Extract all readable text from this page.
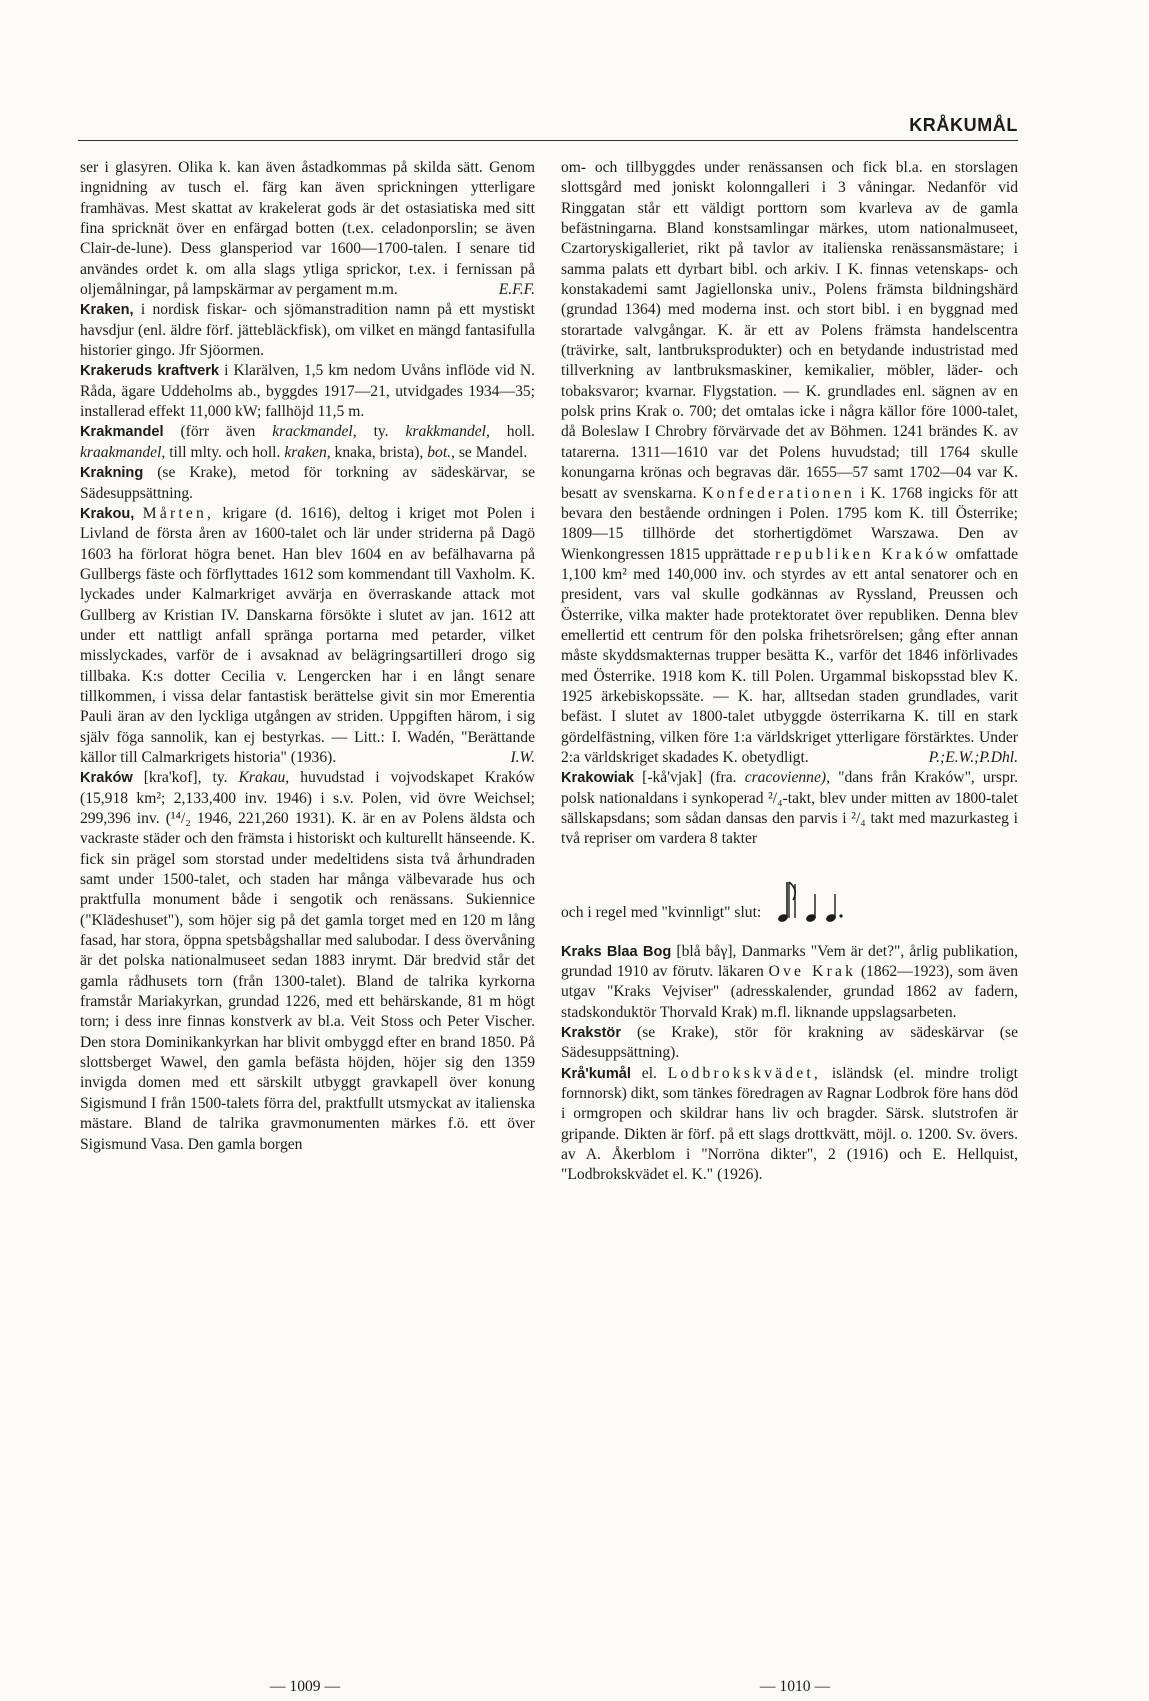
KRÅKUMÅL

ser i glasyren. Olika k. kan även åstadkommas på skilda sätt. Genom ingnidning av tusch el. färg kan även sprickningen ytterligare framhävas. Mest skattat av krakelerat gods är det ostasiatiska med sitt fina spricknät över en enfärgad botten (t.ex. celadonporslin; se även Clair-de-lune). Dess glansperiod var 1600—1700-talen. I senare tid användes ordet k. om alla slags ytliga sprickor, t.ex. i fernissan på oljemålningar, på lampskärmar av pergament m.m.	E.F.F.

Kraken, i nordisk fiskar- och sjömanstradition namn på ett mystiskt havsdjur (enl. äldre förf. jättebläckfisk), om vilket en mängd fantasifulla historier gingo. Jfr Sjöormen.

Krakeruds kraftverk i Klarälven, 1,5 km nedom Uvåns inflöde vid N. Råda, ägare Uddeholms ab., byggdes 1917—21, utvidgades 1934—35; installerad effekt 11,000 kW; fallhöjd 11,5 m.

Krakmandel (förr även krackmandel, ty. krakkmandel, holl. kraakmandel, till mlty. och holl. kraken, knaka, brista), bot., se Mandel.

Krakning (se Krake), metod för torkning av sädeskärvar, se Sädesuppsättning.

Krakou, Mårten, krigare (d. 1616), deltog i kriget mot Polen i Livland de första åren av 1600-talet och lär under striderna på Dagö 1603 ha förlorat högra benet. Han blev 1604 en av befälhavarna på Gullbergs fäste och förflyttades 1612 som kommendant till Vaxholm. K. lyckades under Kalmarkriget avvärja en överraskande attack mot Gullberg av Kristian IV. Danskarna försökte i slutet av jan. 1612 att under ett nattligt anfall spränga portarna med petarder, vilket misslyckades, varför de i avsaknad av belägringsartilleri drogo sig tillbaka. K:s dotter Cecilia v. Lengercken har i en långt senare tillkommen, i vissa delar fantastisk berättelse givit sin mor Emerentia Pauli äran av den lyckliga utgången av striden. Uppgiften härom, i sig själv föga sannolik, kan ej bestyrkas. — Litt.: I. Wadén, "Berättande källor till Calmarkrigets historia" (1936).	I.W.

Kraków [kra'kof], ty. Krakau, huvudstad i vojvodskapet Kraków (15,918 km²; 2,133,400 inv. 1946) i s.v. Polen, vid övre Weichsel; 299,396 inv. (¹⁴/₂ 1946, 221,260 1931). K. är en av Polens äldsta och vackraste städer och den främsta i historiskt och kulturellt hänseende. K. fick sin prägel som storstad under medeltidens sista två århundraden samt under 1500-talet, och staden har många välbevarade hus och praktfulla monument både i sengotik och renässans. Sukiennice ("Klädeshuset"), som höjer sig på det gamla torget med en 120 m lång fasad, har stora, öppna spetsbågshallar med salubodar. I dess övervåning är det polska nationalmuseet sedan 1883 inrymt. Där bredvid står det gamla rådhusets torn (från 1300-talet). Bland de talrika kyrkorna framstår Mariakyrkan, grundad 1226, med ett behärskande, 81 m högt torn; i dess inre finnas konstverk av bl.a. Veit Stoss och Peter Vischer. Den stora Dominikankyrkan har blivit ombyggd efter en brand 1850. På slottsberget Wawel, den gamla befästa höjden, höjer sig den 1359 invigda domen med ett särskilt utbyggt gravkapell över konung Sigismund I från 1500-talets förra del, praktfullt utsmyckat av italienska mästare. Bland de talrika gravmonumenten märkes f.ö. ett över Sigismund Vasa. Den gamla borgen

om- och tillbyggdes under renässansen och fick bl.a. en storslagen slottsgård med joniskt kolonngalleri i 3 våningar. Nedanför vid Ringgatan står ett väldigt porttorn som kvarleva av de gamla befästningarna. Bland konstsamlingar märkes, utom nationalmuseet, Czartoryskigalleriet, rikt på tavlor av italienska renässansmästare; i samma palats ett dyrbart bibl. och arkiv. I K. finnas vetenskaps- och konstakademi samt Jagiellonska univ., Polens främsta bildningshärd (grundad 1364) med moderna inst. och stort bibl. i en byggnad med storartade valvgångar. K. är ett av Polens främsta handelscentra (trävirke, salt, lantbruksprodukter) och en betydande industristad med tillverkning av lantbruksmaskiner, kemikalier, möbler, läder- och tobaksvaror; kvarnar. Flygstation. — K. grundlades enl. sägnen av en polsk prins Krak o. 700; det omtalas icke i några källor före 1000-talet, då Boleslaw I Chrobry förvärvade det av Böhmen. 1241 brändes K. av tatarerna. 1311—1610 var det Polens huvudstad; till 1764 skulle konungarna krönas och begravas där. 1655—57 samt 1702—04 var K. besatt av svenskarna. Konfederationen i K. 1768 ingicks för att bevara den bestående ordningen i Polen. 1795 kom K. till Österrike; 1809—15 tillhörde det storhertigdömet Warszawa. Den av Wienkongressen 1815 upprättade republiken Kraków omfattade 1,100 km² med 140,000 inv. och styrdes av ett antal senatorer och en president, vars val skulle godkännas av Ryssland, Preussen och Österrike, vilka makter hade protektoratet över republiken. Denna blev emellertid ett centrum för den polska frihetsrörelsen; gång efter annan måste skyddsmakternas trupper besätta K., varför det 1846 införlivades med Österrike. 1918 kom K. till Polen. Urgammal biskopsstad blev K. 1925 ärkebiskopssäte. — K. har, alltsedan staden grundlades, varit befäst. I slutet av 1800-talet utbyggde österrikarna K. till en stark gördelfästning, vilken före 1:a världskriget ytterligare förstärktes. Under 2:a världskriget skadades K. obetydligt.	P.;E.W.;P.Dhl.

Krakowiak [-kå'vjak] (fra. cracovienne), "dans från Kraków", urspr. polsk nationaldans i synkoperad ²/₄-takt, blev under mitten av 1800-talet sällskapsdans; som sådan dansas den parvis i ²/₄ takt med mazurkasteg i två repriser om vardera 8 takter

och i regel med "kvinnligt" slut:

Kraks Blaa Bog [blå båγ], Danmarks "Vem är det?", årlig publikation, grundad 1910 av förutv. läkaren Ove Krak (1862—1923), som även utgav "Kraks Vejviser" (adresskalender, grundad 1862 av fadern, stadskonduktör Thorvald Krak) m.fl. liknande uppslagsarbeten.

Krakstör (se Krake), stör för krakning av sädeskärvar (se Sädesuppsättning).

Krå'kumål el. Lodbrokskvädet, isländsk (el. mindre troligt fornnorsk) dikt, som tänkes föredragen av Ragnar Lodbrok före hans död i ormgropen och skildrar hans liv och bragder. Särsk. slutstrofen är gripande. Dikten är förf. på ett slags drottkvätt, möjl. o. 1200. Sv. övers. av A. Åkerblom i "Norröna dikter", 2 (1916) och E. Hellquist, "Lodbrokskvädet el. K." (1926).

— 1009 —	— 1010 —
